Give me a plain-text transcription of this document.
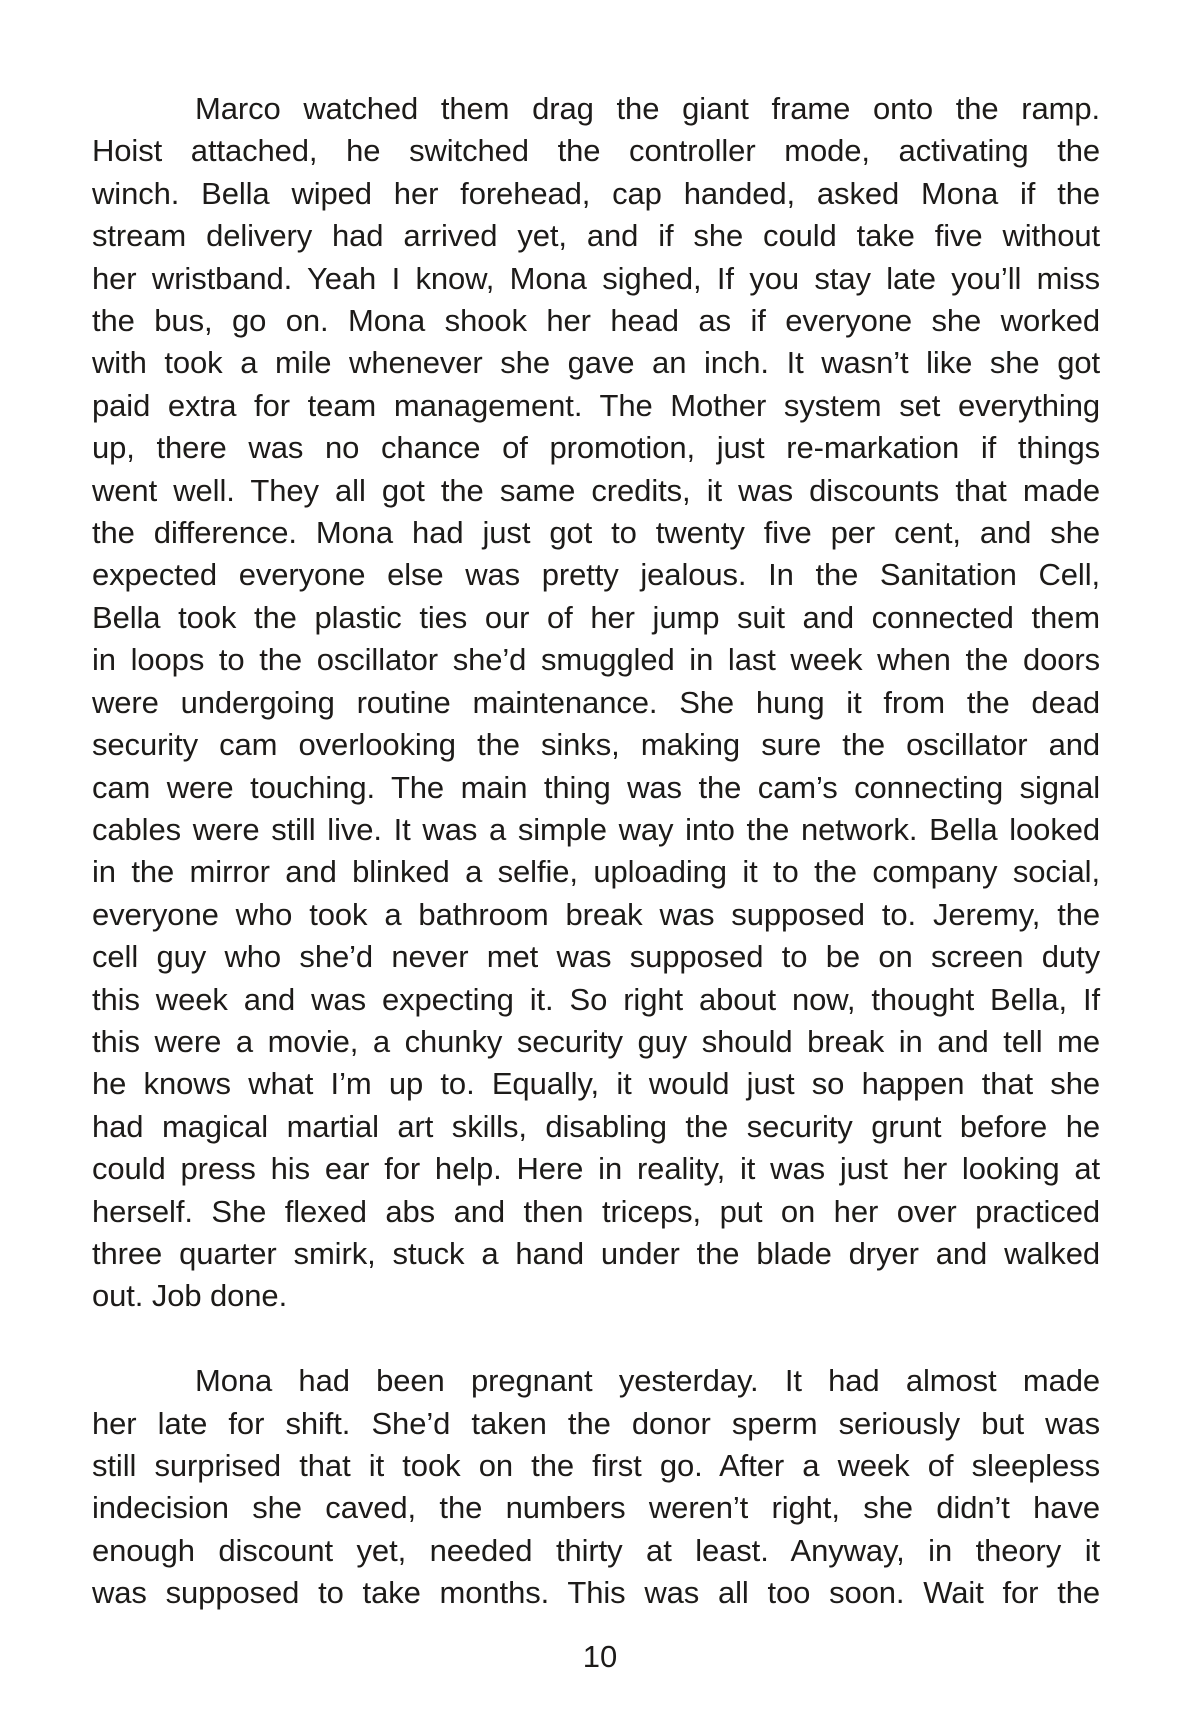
Marco watched them drag the giant frame onto the ramp.
Hoist attached, he switched the controller mode, activating the
winch. Bella wiped her forehead, cap handed, asked Mona if the
stream delivery had arrived yet, and if she could take five without
her wristband. Yeah I know, Mona sighed, If you stay late you’ll miss
the bus, go on. Mona shook her head as if everyone she worked
with took a mile whenever she gave an inch. It wasn’t like she got
paid extra for team management. The Mother system set everything
up, there was no chance of promotion, just re-markation if things
went well. They all got the same credits, it was discounts that made
the difference. Mona had just got to twenty five per cent, and she
expected everyone else was pretty jealous. In the Sanitation Cell,
Bella took the plastic ties our of her jump suit and connected them
in loops to the oscillator she’d smuggled in last week when the doors
were undergoing routine maintenance. She hung it from the dead
security cam overlooking the sinks, making sure the oscillator and
cam were touching. The main thing was the cam’s connecting signal
cables were still live. It was a simple way into the network. Bella looked
in the mirror and blinked a selfie, uploading it to the company social,
everyone who took a bathroom break was supposed to. Jeremy, the
cell guy who she’d never met was supposed to be on screen duty
this week and was expecting it. So right about now, thought Bella, If
this were a movie, a chunky security guy should break in and tell me
he knows what I’m up to. Equally, it would just so happen that she
had magical martial art skills, disabling the security grunt before he
could press his ear for help. Here in reality, it was just her looking at
herself. She flexed abs and then triceps, put on her over practiced
three quarter smirk, stuck a hand under the blade dryer and walked
out. Job done.
Mona had been pregnant yesterday. It had almost made
her late for shift. She’d taken the donor sperm seriously but was
still surprised that it took on the first go. After a week of sleepless
indecision she caved, the numbers weren’t right, she didn’t have
enough discount yet, needed thirty at least. Anyway, in theory it
was supposed to take months. This was all too soon. Wait for the
10
